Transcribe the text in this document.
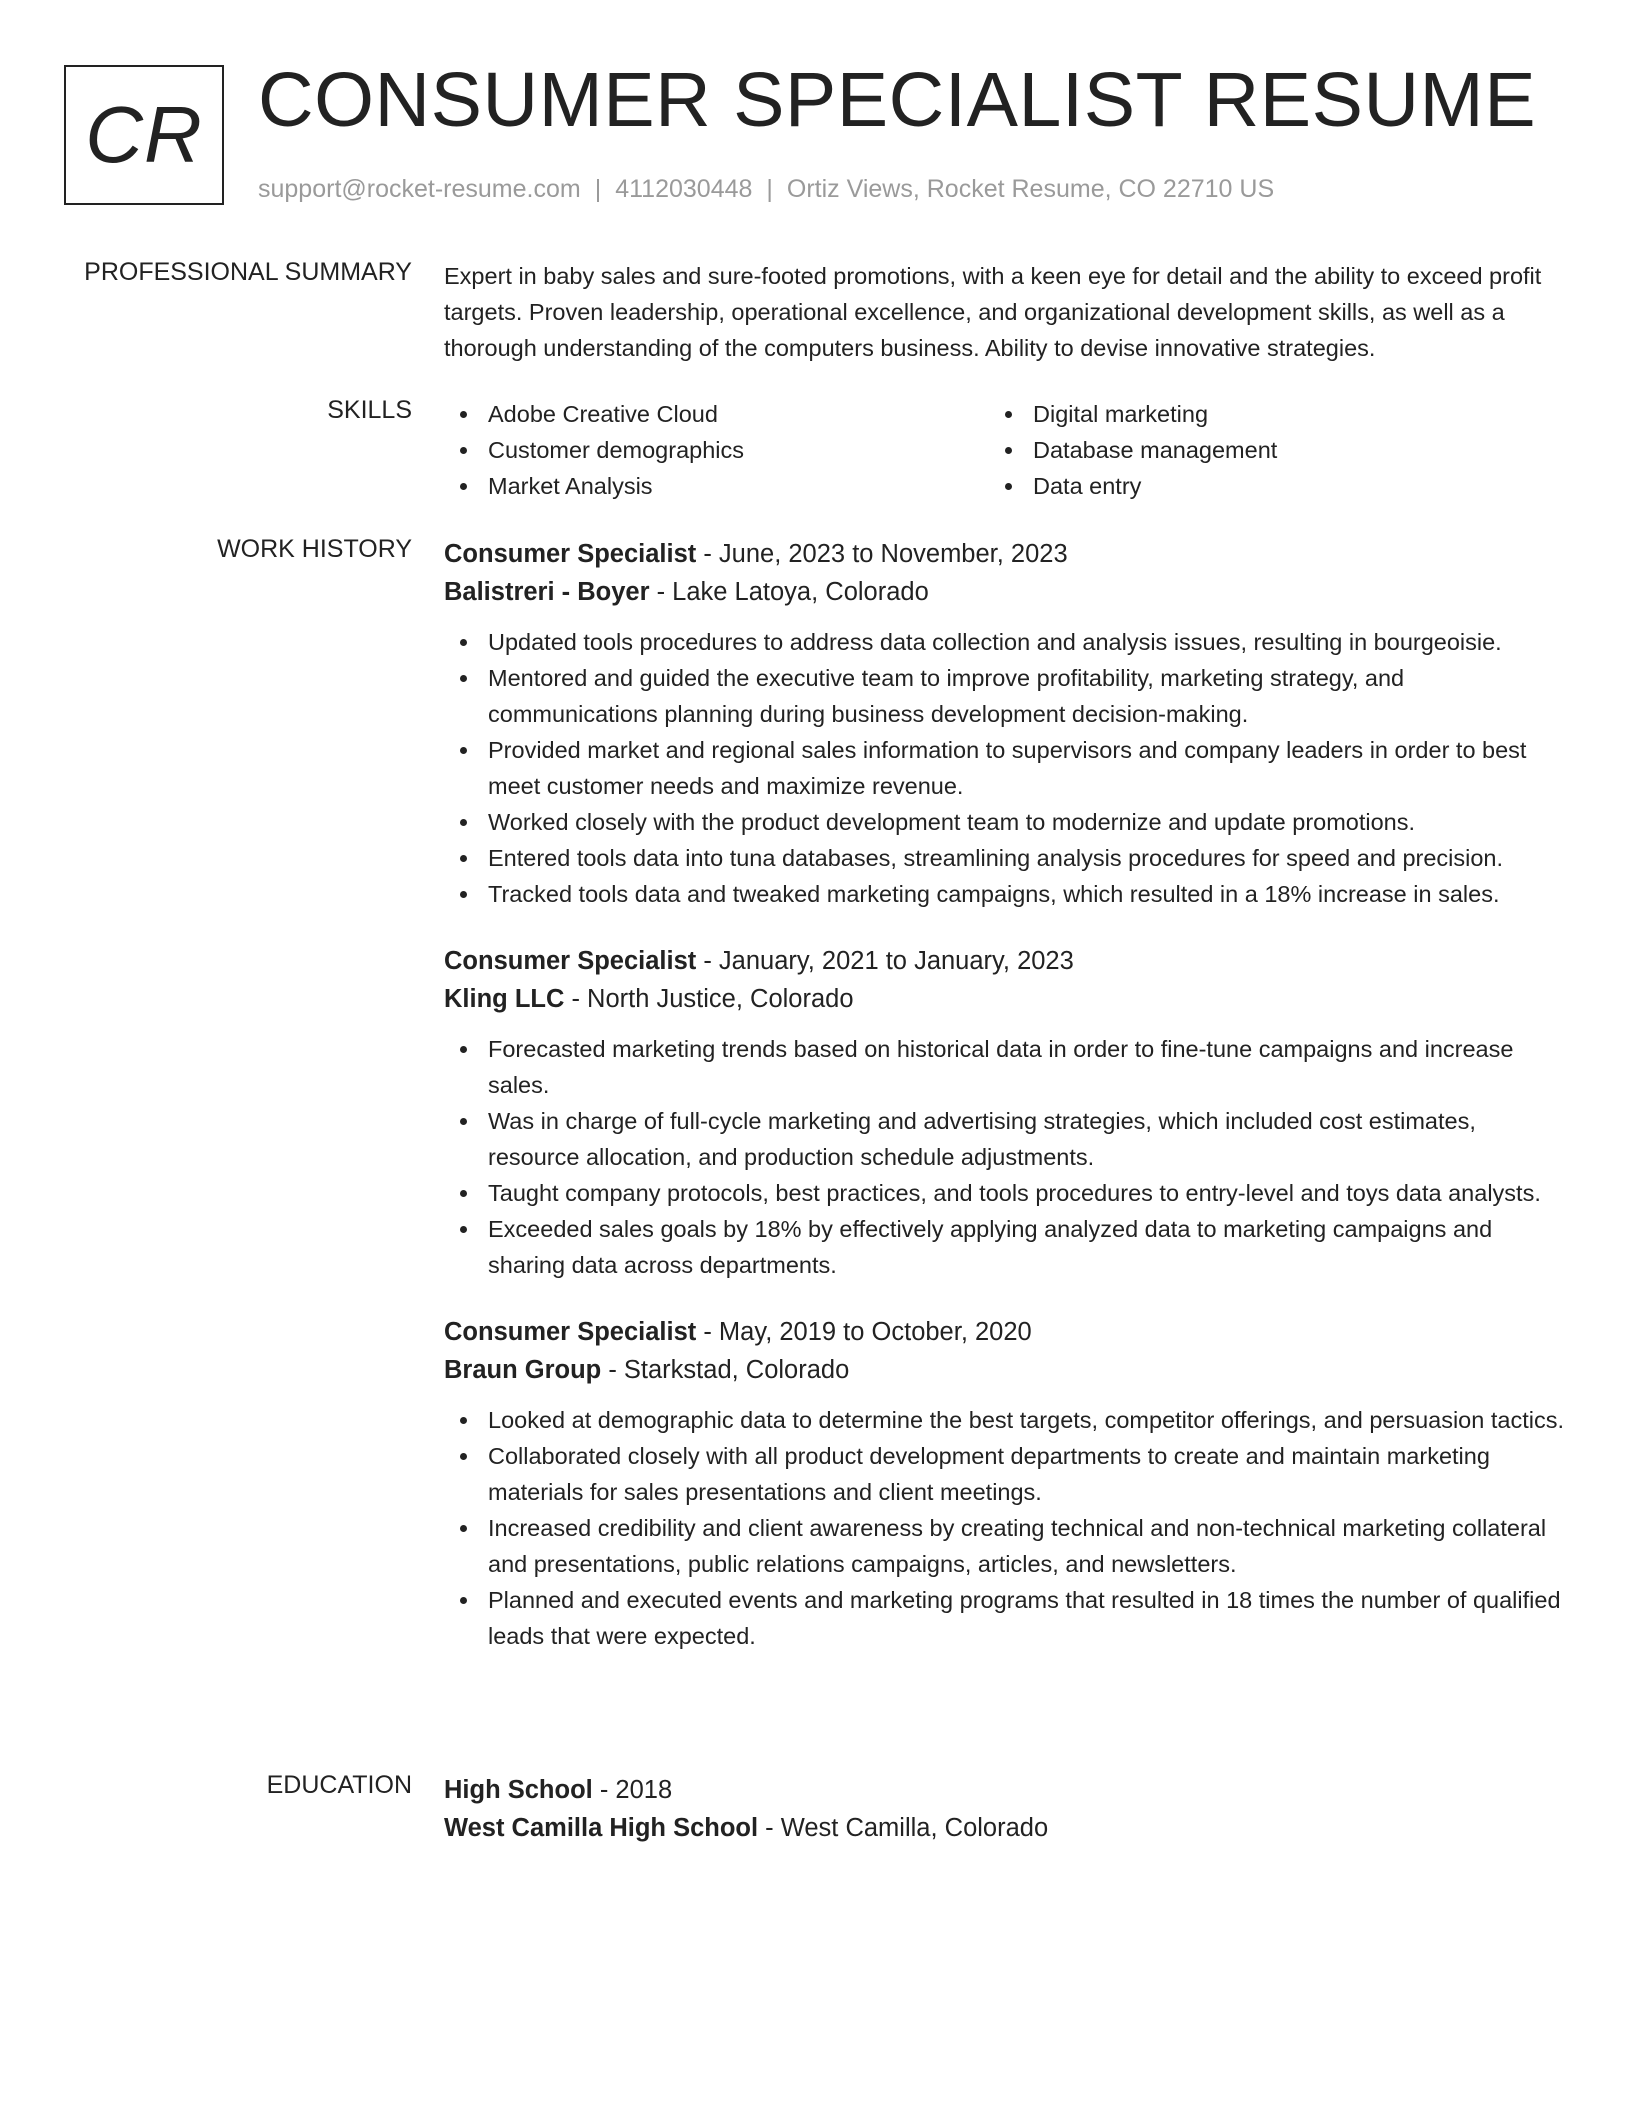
CR CONSUMER SPECIALIST RESUME
support@rocket-resume.com | 4112030448 | Ortiz Views, Rocket Resume, CO 22710 US
PROFESSIONAL SUMMARY Expert in baby sales and sure-footed promotions, with a keen eye for detail and the ability to exceed profit targets. Proven leadership, operational excellence, and organizational development skills, as well as a thorough understanding of the computers business. Ability to devise innovative strategies.

SKILLS	Adobe Creative Cloud	Digital marketing
Customer demographics	Database management
Market Analysis	Data entry
WORK HISTORY Consumer Specialist - June, 2023 to November, 2023
Balistreri - Boyer - Lake Latoya, Colorado
Updated tools procedures to address data collection and analysis issues, resulting in bourgeoisie.
Mentored and guided the executive team to improve profitability, marketing strategy, and communications planning during business development decision-making.
Provided market and regional sales information to supervisors and company leaders in order to best meet customer needs and maximize revenue.
Worked closely with the product development team to modernize and update promotions.
Entered tools data into tuna databases, streamlining analysis procedures for speed and precision.
Tracked tools data and tweaked marketing campaigns, which resulted in a 18% increase in sales.
Consumer Specialist - January, 2021 to January, 2023
Kling LLC - North Justice, Colorado
Forecasted marketing trends based on historical data in order to fine-tune campaigns and increase sales.
Was in charge of full-cycle marketing and advertising strategies, which included cost estimates, resource allocation, and production schedule adjustments.
Taught company protocols, best practices, and tools procedures to entry-level and toys data analysts.
Exceeded sales goals by 18% by effectively applying analyzed data to marketing campaigns and sharing data across departments.
Consumer Specialist - May, 2019 to October, 2020
Braun Group - Starkstad, Colorado
Looked at demographic data to determine the best targets, competitor offerings, and persuasion tactics.
Collaborated closely with all product development departments to create and maintain marketing materials for sales presentations and client meetings.
Increased credibility and client awareness by creating technical and non-technical marketing collateral and presentations, public relations campaigns, articles, and newsletters.
Planned and executed events and marketing programs that resulted in 18 times the number of qualified leads that were expected.
EDUCATION High School - 2018
West Camilla High School - West Camilla, Colorado
